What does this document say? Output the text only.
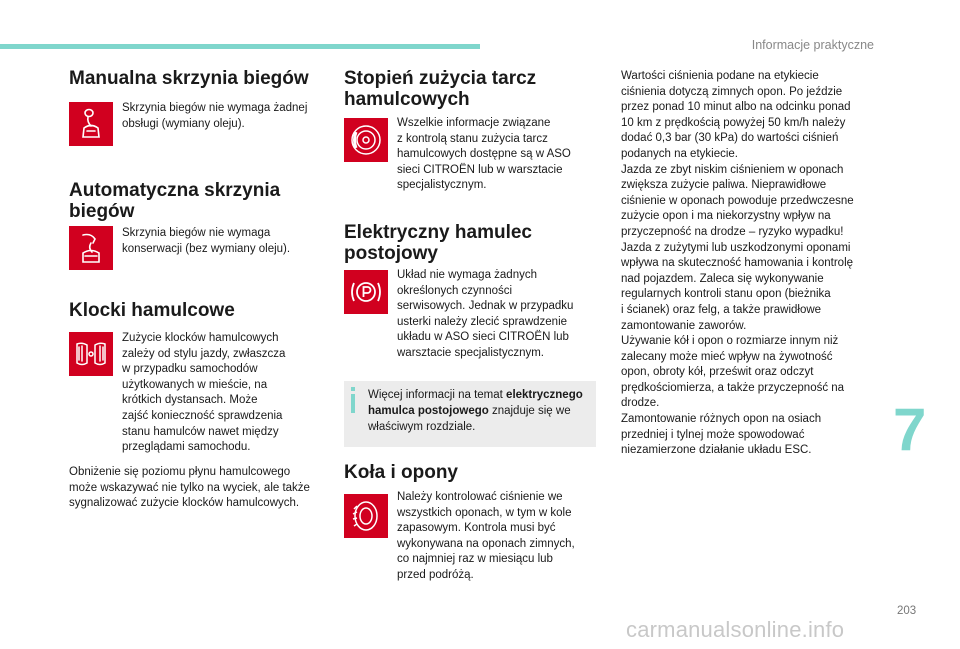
Informacje praktyczne
Manualna skrzynia biegów

Skrzynia biegów nie wymaga żadnej
obsługi (wymiany oleju).

Automatyczna skrzynia
biegów

Skrzynia biegów nie wymaga
konserwacji (bez wymiany oleju).

Klocki hamulcowe

Zużycie klocków hamulcowych
zależy od stylu jazdy, zwłaszcza
w przypadku samochodów
użytkowanych w mieście, na
krótkich dystansach. Może
zajść konieczność sprawdzenia
stanu hamulców nawet między
przeglądami samochodu.

Obniżenie się poziomu płynu hamulcowego
może wskazywać nie tylko na wyciek, ale także
sygnalizować zużycie klocków hamulcowych.

Stopień zużycia tarcz
hamulcowych

Wszelkie informacje związane
z kontrolą stanu zużycia tarcz
hamulcowych dostępne są w ASO
sieci CITROËN lub w warsztacie
specjalistycznym.

Elektryczny hamulec
postojowy

Układ nie wymaga żadnych
określonych czynności
serwisowych. Jednak w przypadku
usterki należy zlecić sprawdzenie
układu w ASO sieci CITROËN lub
warsztacie specjalistycznym.

Więcej informacji na temat elektrycznego hamulca postojowego znajduje się we właściwym rozdziale.
Koła i opony

Należy kontrolować ciśnienie we
wszystkich oponach, w tym w kole
zapasowym. Kontrola musi być
wykonywana na oponach zimnych,
co najmniej raz w miesiącu lub
przed podróżą.

Wartości ciśnienia podane na etykiecie
ciśnienia dotyczą zimnych opon. Po jeździe
przez ponad 10 minut albo na odcinku ponad
10 km z prędkością powyżej 50 km/h należy
dodać 0,3 bar (30 kPa) do wartości ciśnień
podanych na etykiecie.
Jazda ze zbyt niskim ciśnieniem w oponach
zwiększa zużycie paliwa. Nieprawidłowe
ciśnienie w oponach powoduje przedwczesne
zużycie opon i ma niekorzystny wpływ na
przyczepność na drodze – ryzyko wypadku!
Jazda z zużytymi lub uszkodzonymi oponami
wpływa na skuteczność hamowania i kontrolę
nad pojazdem. Zaleca się wykonywanie
regularnych kontroli stanu opon (bieżnika
i ścianek) oraz felg, a także prawidłowe
zamontowanie zaworów.
Używanie kół i opon o rozmiarze innym niż
zalecany może mieć wpływ na żywotność
opon, obroty kół, prześwit oraz odczyt
prędkościomierza, a także przyczepność na
drodze.
Zamontowanie różnych opon na osiach
przedniej i tylnej może spowodować
niezamierzone działanie układu ESC.	7
203
carmanualsonline.info
